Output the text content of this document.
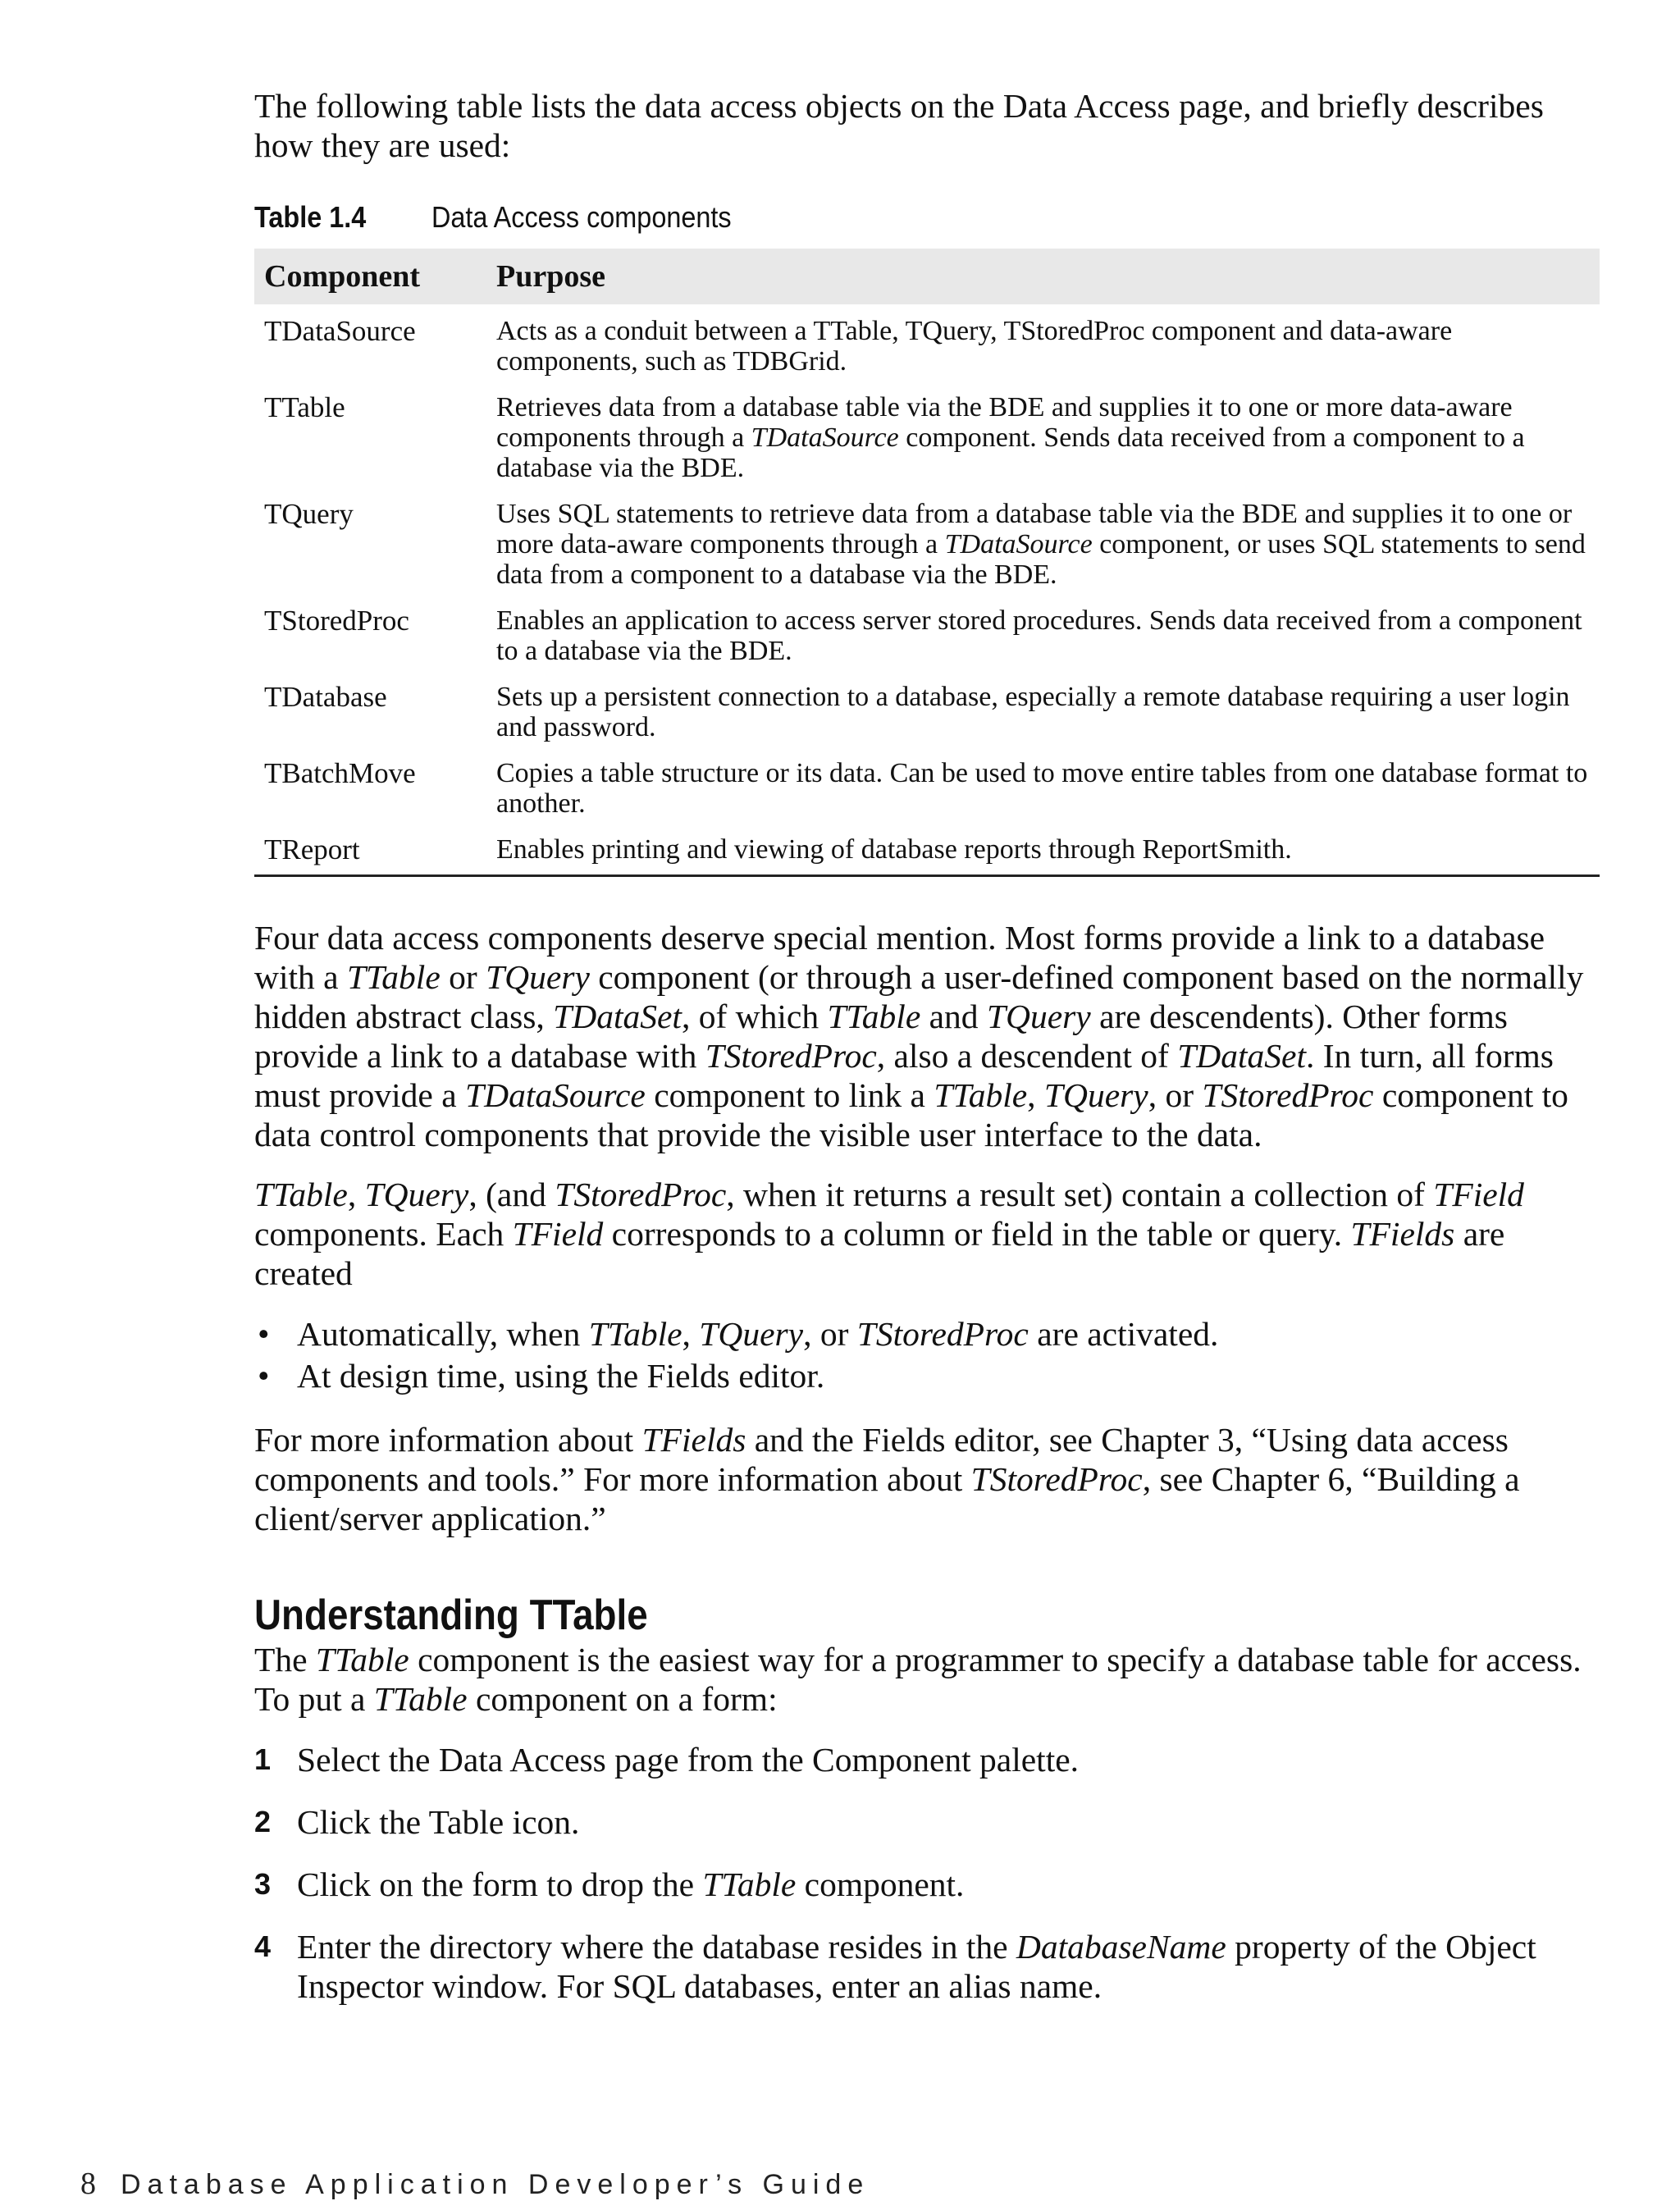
The following table lists the data access objects on the Data Access page, and briefly describes how they are used:

Table 1.4	Data Access components
Component	Purpose
TDataSource	Acts as a conduit between a TTable, TQuery, TStoredProc component and data-aware components, such as TDBGrid.
TTable	Retrieves data from a database table via the BDE and supplies it to one or more data-aware components through a TDataSource component. Sends data received from a component to a database via the BDE.
TQuery	Uses SQL statements to retrieve data from a database table via the BDE and supplies it to one or more data-aware components through a TDataSource component, or uses SQL statements to send data from a component to a database via the BDE.
TStoredProc	Enables an application to access server stored procedures. Sends data received from a component to a database via the BDE.
TDatabase	Sets up a persistent connection to a database, especially a remote database requiring a user login and password.
TBatchMove	Copies a table structure or its data. Can be used to move entire tables from one database format to another.
TReport	Enables printing and viewing of database reports through ReportSmith.

Four data access components deserve special mention. Most forms provide a link to a database with a TTable or TQuery component (or through a user-defined component based on the normally hidden abstract class, TDataSet, of which TTable and TQuery are descendents). Other forms provide a link to a database with TStoredProc, also a descendent of TDataSet. In turn, all forms must provide a TDataSource component to link a TTable, TQuery, or TStoredProc component to data control components that provide the visible user interface to the data.

TTable, TQuery, (and TStoredProc, when it returns a result set) contain a collection of TField components. Each TField corresponds to a column or field in the table or query. TFields are created

• Automatically, when TTable, TQuery, or TStoredProc are activated.
• At design time, using the Fields editor.

For more information about TFields and the Fields editor, see Chapter 3, “Using data access components and tools.” For more information about TStoredProc, see Chapter 6, “Building a client/server application.”

Understanding TTable

The TTable component is the easiest way for a programmer to specify a database table for access. To put a TTable component on a form:

1 Select the Data Access page from the Component palette.
2 Click the Table icon.
3 Click on the form to drop the TTable component.
4 Enter the directory where the database resides in the DatabaseName property of the Object Inspector window. For SQL databases, enter an alias name.
8 Database Application Developer’s Guide
